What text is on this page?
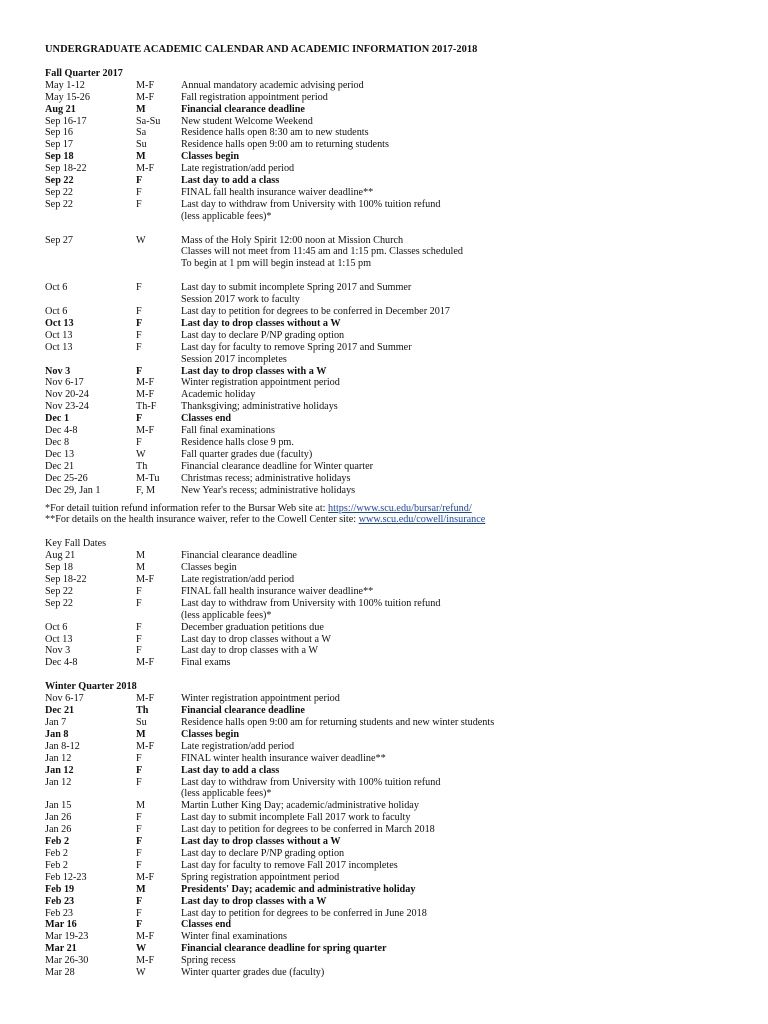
UNDERGRADUATE ACADEMIC CALENDAR AND ACADEMIC INFORMATION 2017-2018
Fall Quarter 2017
May 1-12	M-F	Annual mandatory academic advising period
May 15-26	M-F	Fall registration appointment period
Aug 21	M	Financial clearance deadline
Sep 16-17	Sa-Su	New student Welcome Weekend
Sep 16	Sa	Residence halls open 8:30 am to new students
Sep 17	Su	Residence halls open 9:00 am to returning students
Sep 18	M	Classes begin
Sep 18-22	M-F	Late registration/add period
Sep 22	F	Last day to add a class
Sep 22	F	FINAL fall health insurance waiver deadline**
Sep 22	F	Last day to withdraw from University with 100% tuition refund
(less applicable fees)*
Sep 27	W	Mass of the Holy Spirit 12:00 noon at Mission Church
Classes will not meet from 11:45 am and 1:15 pm. Classes scheduled
To begin at 1 pm will begin instead at 1:15 pm
Oct 6	F	Last day to submit incomplete Spring 2017 and Summer
Session 2017 work to faculty
Oct 6	F	Last day to petition for degrees to be conferred in December 2017
Oct 13	F	Last day to drop classes without a W
Oct 13	F	Last day to declare P/NP grading option
Oct 13	F	Last day for faculty to remove Spring 2017 and Summer
Session 2017 incompletes
Nov 3	F	Last day to drop classes with a W
Nov 6-17	M-F	Winter registration appointment period
Nov 20-24	M-F	Academic holiday
Nov 23-24	Th-F	Thanksgiving; administrative holidays
Dec 1	F	Classes end
Dec 4-8	M-F	Fall final examinations
Dec 8	F	Residence halls close 9 pm.
Dec 13	W	Fall quarter grades due (faculty)
Dec 21	Th	Financial clearance deadline for Winter quarter
Dec 25-26	M-Tu	Christmas recess; administrative holidays
Dec 29, Jan 1	F, M	New Year's recess; administrative holidays
*For detail tuition refund information refer to the Bursar Web site at: https://www.scu.edu/bursar/refund/
**For details on the health insurance waiver, refer to the Cowell Center site: www.scu.edu/cowell/insurance
Key Fall Dates
Aug 21	M	Financial clearance deadline
Sep 18	M	Classes begin
Sep 18-22	M-F	Late registration/add period
Sep 22	F	FINAL fall health insurance waiver deadline**
Sep 22	F	Last day to withdraw from University with 100% tuition refund
(less applicable fees)*
Oct 6	F	December graduation petitions due
Oct 13	F	Last day to drop classes without a W
Nov 3	F	Last day to drop classes with a W
Dec 4-8	M-F	Final exams
Winter Quarter 2018
Nov 6-17	M-F	Winter registration appointment period
Dec 21	Th	Financial clearance deadline
Jan 7	Su	Residence halls open 9:00 am for returning students and new winter students
Jan 8	M	Classes begin
Jan 8-12	M-F	Late registration/add period
Jan 12	F	FINAL winter health insurance waiver deadline**
Jan 12	F	Last day to add a class
Jan 12	F	Last day to withdraw from University with 100% tuition refund
(less applicable fees)*
Jan 15	M	Martin Luther King Day; academic/administrative holiday
Jan 26	F	Last day to submit incomplete Fall 2017 work to faculty
Jan 26	F	Last day to petition for degrees to be conferred in March 2018
Feb 2	F	Last day to drop classes without a W
Feb 2	F	Last day to declare P/NP grading option
Feb 2	F	Last day for faculty to remove Fall 2017 incompletes
Feb 12-23	M-F	Spring registration appointment period
Feb 19	M	Presidents' Day; academic and administrative holiday
Feb 23	F	Last day to drop classes with a W
Feb 23	F	Last day to petition for degrees to be conferred in June 2018
Mar 16	F	Classes end
Mar 19-23	M-F	Winter final examinations
Mar 21	W	Financial clearance deadline for spring quarter
Mar 26-30	M-F	Spring recess
Mar 28	W	Winter quarter grades due (faculty)
